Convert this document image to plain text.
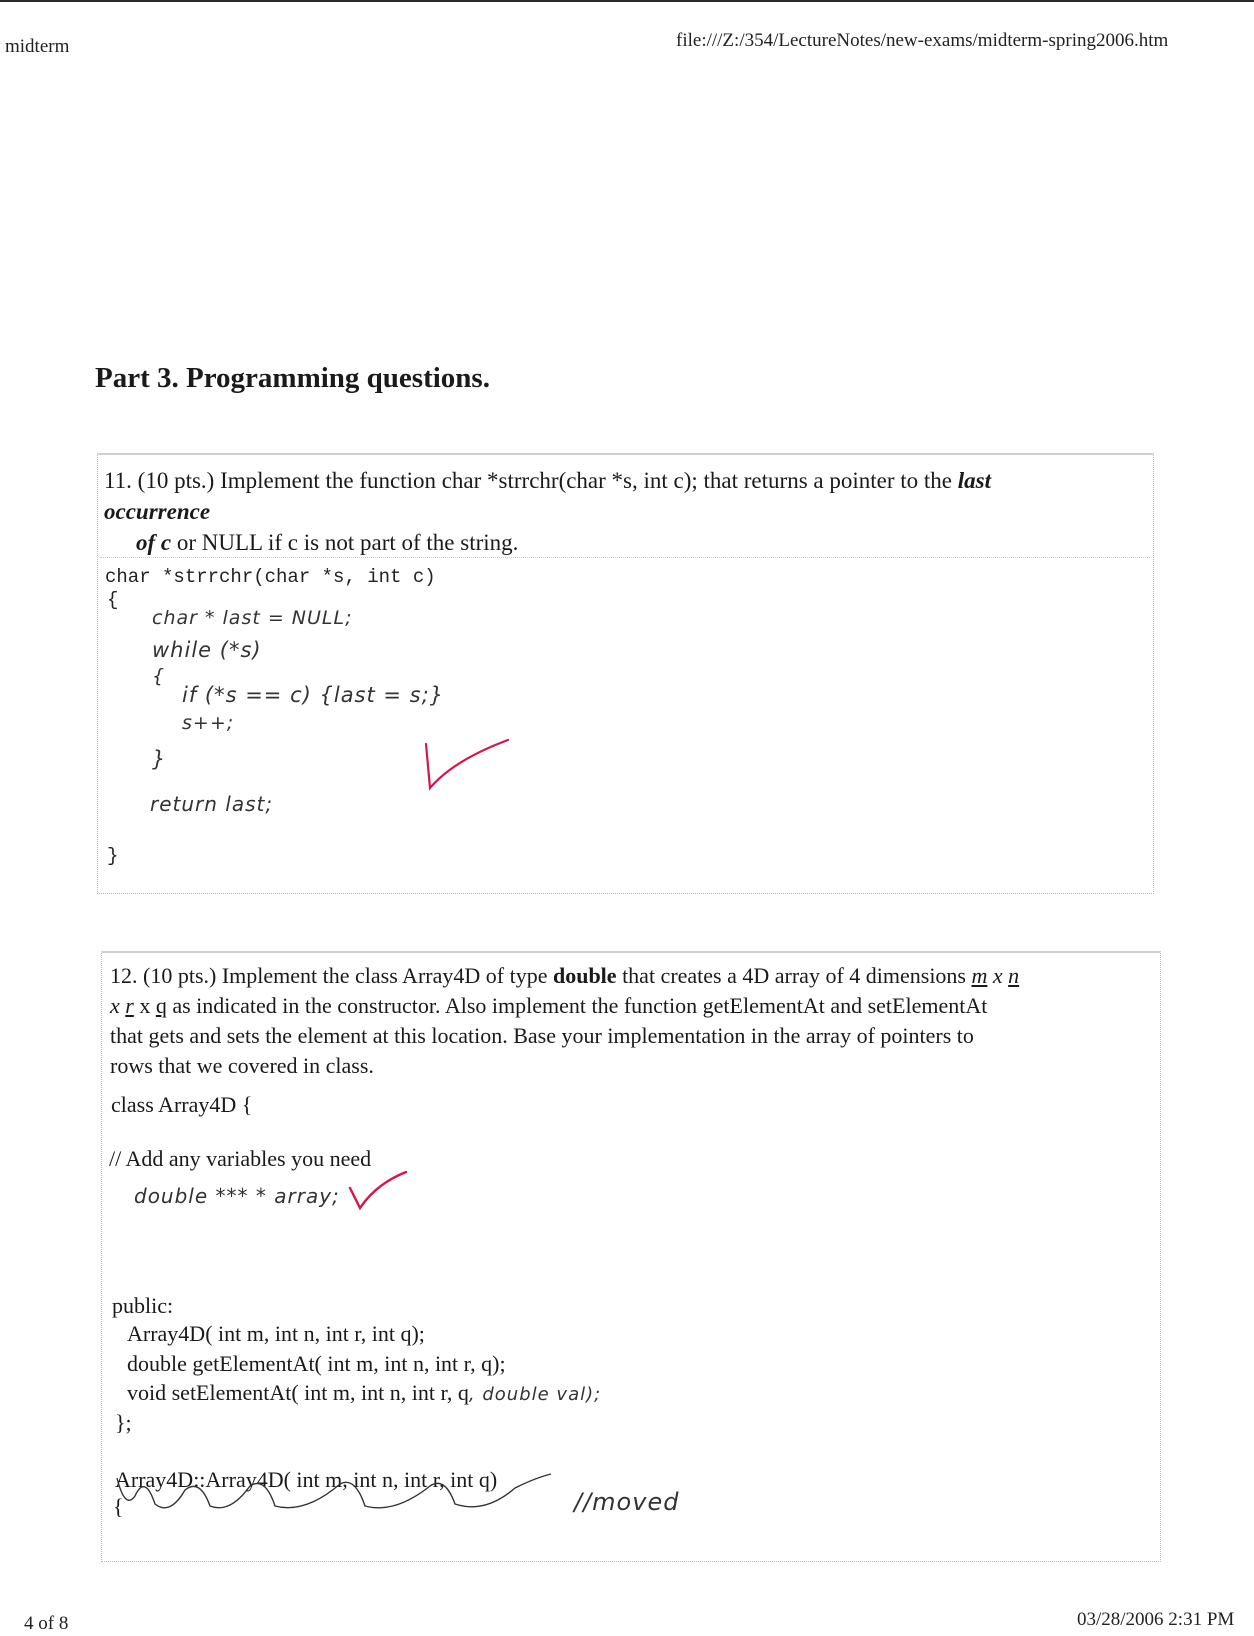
midterm	file:///Z:/354/LectureNotes/new-exams/midterm-spring2006.htm
Part 3. Programming questions.
11. (10 pts.) Implement the function char *strrchr(char *s, int c); that returns a pointer to the last
occurrence
of c or NULL if c is not part of the string.
char *strrchr(char *s, int c)
{
char * last = NULL;
while (*s)
{
if (*s == c) {last = s;}
s++;
}
return last;
}
12. (10 pts.) Implement the class Array4D of type double that creates a 4D array of 4 dimensions m x n
x r x q as indicated in the constructor. Also implement the function getElementAt and setElementAt
that gets and sets the element at this location. Base your implementation in the array of pointers to
rows that we covered in class.
class Array4D {
// Add any variables you need
double *** * array;
public:
Array4D( int m, int n, int r, int q);
double getElementAt( int m, int n, int r, q);
void setElementAt( int m, int n, int r, q, double val);
};
Array4D::Array4D( int m, int n, int r, int q)
{	//moved
4 of 8	03/28/2006 2:31 PM
